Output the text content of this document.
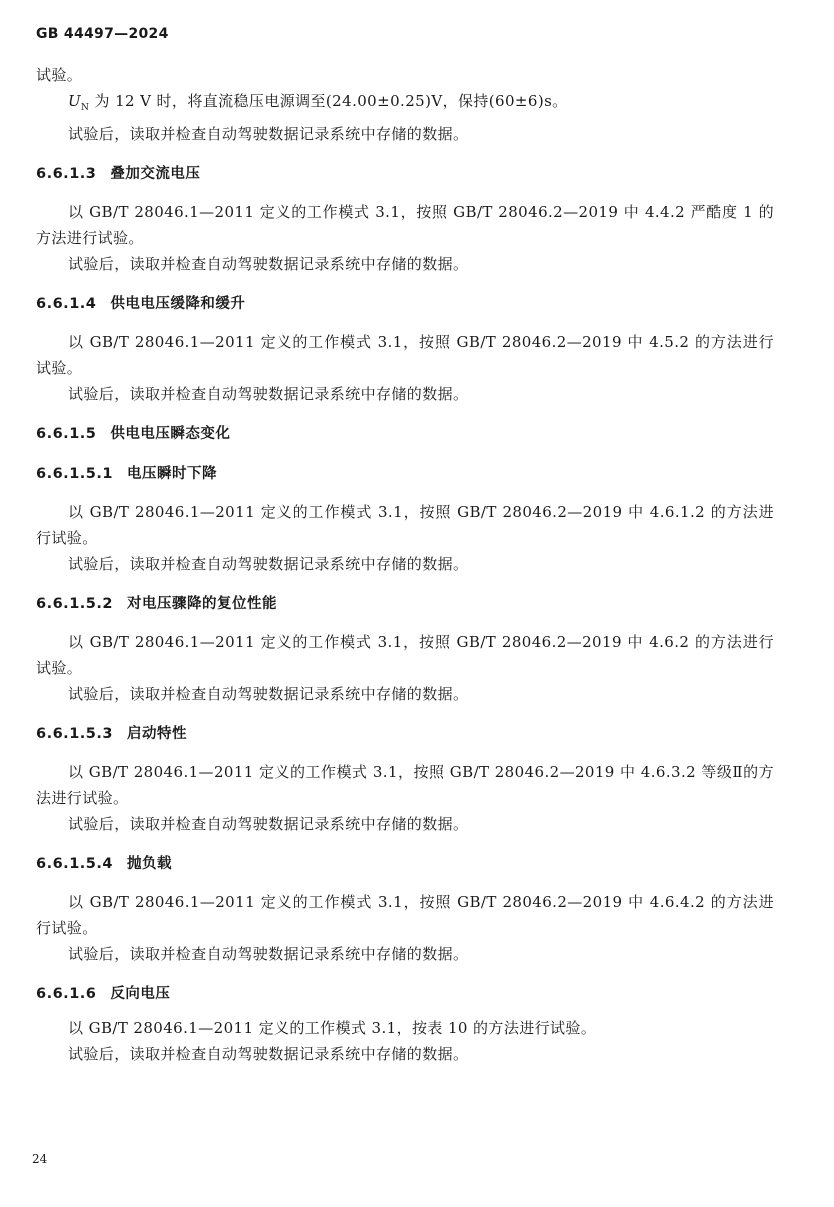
GB 44497—2024

试验。

$U_N$ 为 12 V 时，将直流稳压电源调至(24.00±0.25)V，保持(60±6)s。

试验后，读取并检查自动驾驶数据记录系统中存储的数据。

6.6.1.3 叠加交流电压

以 GB/T 28046.1—2011 定义的工作模式 3.1，按照 GB/T 28046.2—2019 中 4.4.2 严酷度 1 的方法进行试验。

试验后，读取并检查自动驾驶数据记录系统中存储的数据。

6.6.1.4 供电电压缓降和缓升

以 GB/T 28046.1—2011 定义的工作模式 3.1，按照 GB/T 28046.2—2019 中 4.5.2 的方法进行试验。

试验后，读取并检查自动驾驶数据记录系统中存储的数据。

6.6.1.5 供电电压瞬态变化
6.6.1.5.1 电压瞬时下降

以 GB/T 28046.1—2011 定义的工作模式 3.1，按照 GB/T 28046.2—2019 中 4.6.1.2 的方法进行试验。

试验后，读取并检查自动驾驶数据记录系统中存储的数据。

6.6.1.5.2 对电压骤降的复位性能

以 GB/T 28046.1—2011 定义的工作模式 3.1，按照 GB/T 28046.2—2019 中 4.6.2 的方法进行试验。

试验后，读取并检查自动驾驶数据记录系统中存储的数据。

6.6.1.5.3 启动特性

以 GB/T 28046.1—2011 定义的工作模式 3.1，按照 GB/T 28046.2—2019 中 4.6.3.2 等级Ⅱ的方法进行试验。

试验后，读取并检查自动驾驶数据记录系统中存储的数据。

6.6.1.5.4 抛负载

以 GB/T 28046.1—2011 定义的工作模式 3.1，按照 GB/T 28046.2—2019 中 4.6.4.2 的方法进行试验。

试验后，读取并检查自动驾驶数据记录系统中存储的数据。

6.6.1.6 反向电压

以 GB/T 28046.1—2011 定义的工作模式 3.1，按表 10 的方法进行试验。

试验后，读取并检查自动驾驶数据记录系统中存储的数据。

24
